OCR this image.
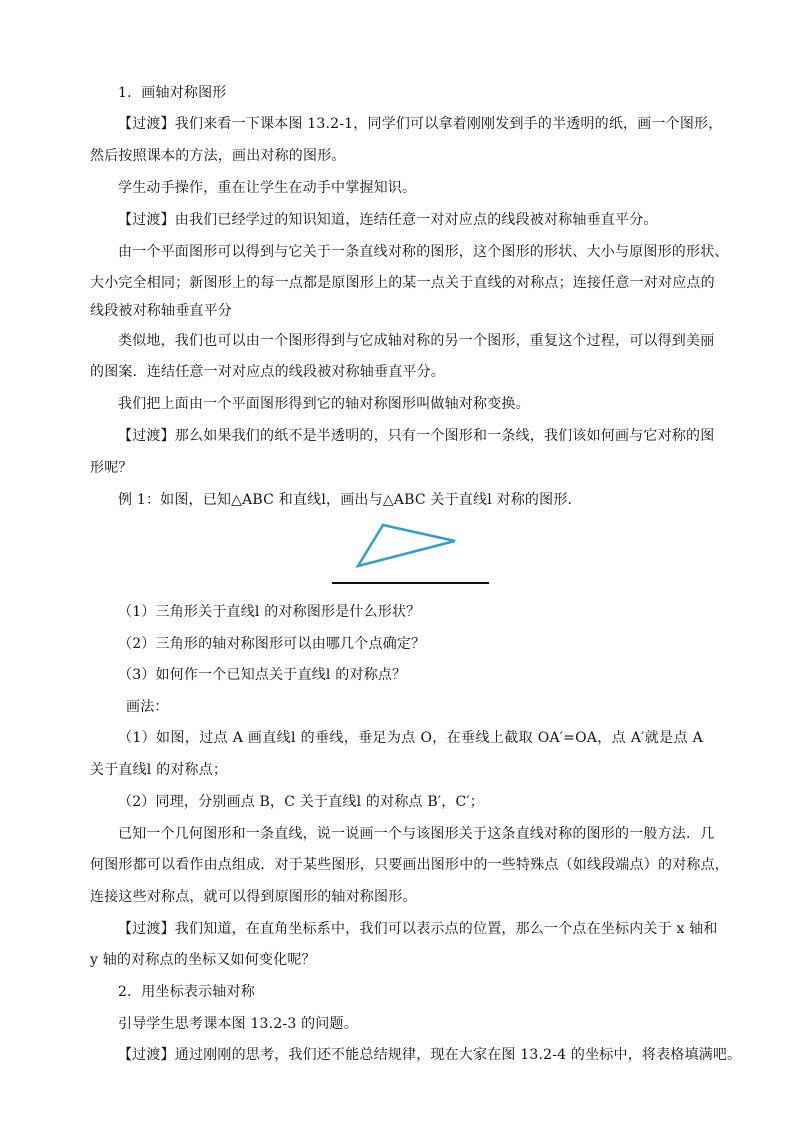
1．画轴对称图形
【过渡】我们来看一下课本图 13.2-1，同学们可以拿着刚刚发到手的半透明的纸，画一个图形，
然后按照课本的方法，画出对称的图形。
学生动手操作，重在让学生在动手中掌握知识。
【过渡】由我们已经学过的知识知道，连结任意一对对应点的线段被对称轴垂直平分。
由一个平面图形可以得到与它关于一条直线对称的图形，这个图形的形状、大小与原图形的形状、
大小完全相同；新图形上的每一点都是原图形上的某一点关于直线的对称点；连接任意一对对应点的
线段被对称轴垂直平分
类似地，我们也可以由一个图形得到与它成轴对称的另一个图形，重复这个过程，可以得到美丽
的图案．连结任意一对对应点的线段被对称轴垂直平分。
我们把上面由一个平面图形得到它的轴对称图形叫做轴对称变换。
【过渡】那么如果我们的纸不是半透明的，只有一个图形和一条线，我们该如何画与它对称的图
形呢？
例 1：如图，已知△ABC 和直线l，画出与△ABC 关于直线l 对称的图形．
（1）三角形关于直线l 的对称图形是什么形状？
（2）三角形的轴对称图形可以由哪几个点确定？
（3）如何作一个已知点关于直线l 的对称点？
画法：
（1）如图，过点 A 画直线l 的垂线，垂足为点 O，在垂线上截取 OA′=OA，点 A′就是点 A
关于直线l 的对称点；
（2）同理，分别画点 B，C 关于直线l 的对称点 B′，C′；
已知一个几何图形和一条直线，说一说画一个与该图形关于这条直线对称的图形的一般方法．几
何图形都可以看作由点组成．对于某些图形，只要画出图形中的一些特殊点（如线段端点）的对称点，
连接这些对称点，就可以得到原图形的轴对称图形。
【过渡】我们知道，在直角坐标系中，我们可以表示点的位置，那么一个点在坐标内关于 x 轴和
y 轴的对称点的坐标又如何变化呢？
2．用坐标表示轴对称
引导学生思考课本图 13.2-3 的问题。
【过渡】通过刚刚的思考，我们还不能总结规律，现在大家在图 13.2-4 的坐标中，将表格填满吧。
